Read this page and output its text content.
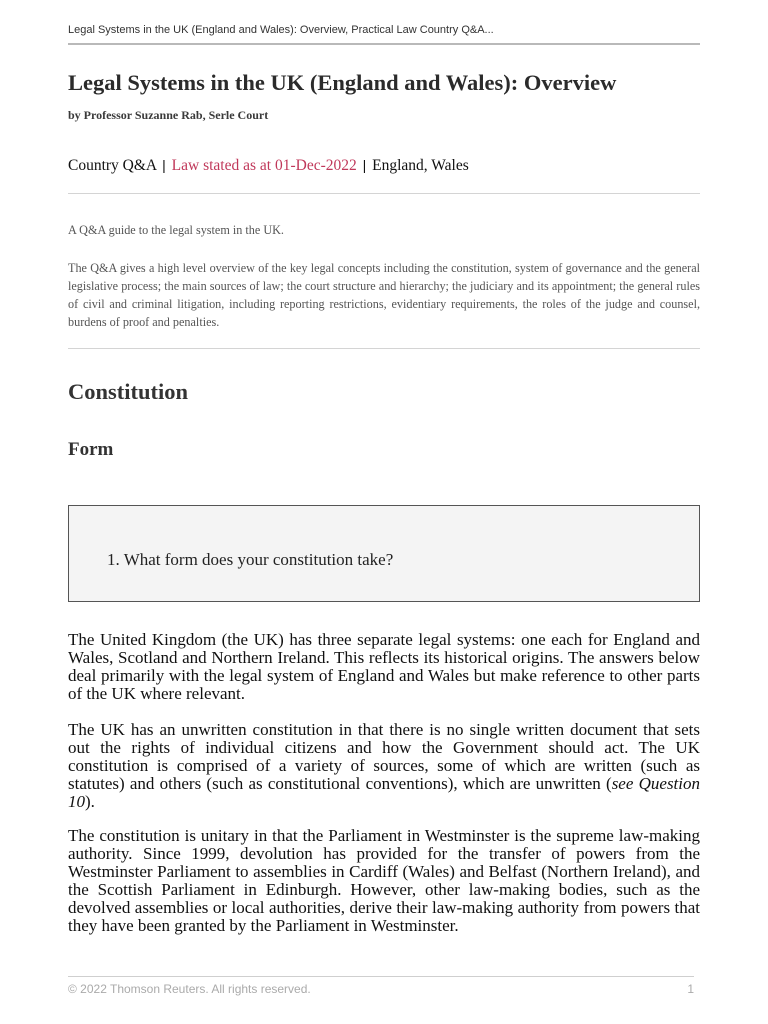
Legal Systems in the UK (England and Wales): Overview, Practical Law Country Q&A...
Legal Systems in the UK (England and Wales): Overview
by Professor Suzanne Rab, Serle Court
Country Q&A | Law stated as at 01-Dec-2022 | England, Wales

A Q&A guide to the legal system in the UK.

The Q&A gives a high level overview of the key legal concepts including the constitution, system of governance and the general legislative process; the main sources of law; the court structure and hierarchy; the judiciary and its appointment; the general rules of civil and criminal litigation, including reporting restrictions, evidentiary requirements, the roles of the judge and counsel, burdens of proof and penalties.

Constitution
Form
1. What form does your constitution take?

The United Kingdom (the UK) has three separate legal systems: one each for England and Wales, Scotland and Northern Ireland. This reflects its historical origins. The answers below deal primarily with the legal system of England and Wales but make reference to other parts of the UK where relevant.

The UK has an unwritten constitution in that there is no single written document that sets out the rights of individual citizens and how the Government should act. The UK constitution is comprised of a variety of sources, some of which are written (such as statutes) and others (such as constitutional conventions), which are unwritten (see Question 10).

The constitution is unitary in that the Parliament in Westminster is the supreme law-making authority. Since 1999, devolution has provided for the transfer of powers from the Westminster Parliament to assemblies in Cardiff (Wales) and Belfast (Northern Ireland), and the Scottish Parliament in Edinburgh. However, other law-making bodies, such as the devolved assemblies or local authorities, derive their law-making authority from powers that they have been granted by the Parliament in Westminster.

© 2022 Thomson Reuters. All rights reserved.	1
